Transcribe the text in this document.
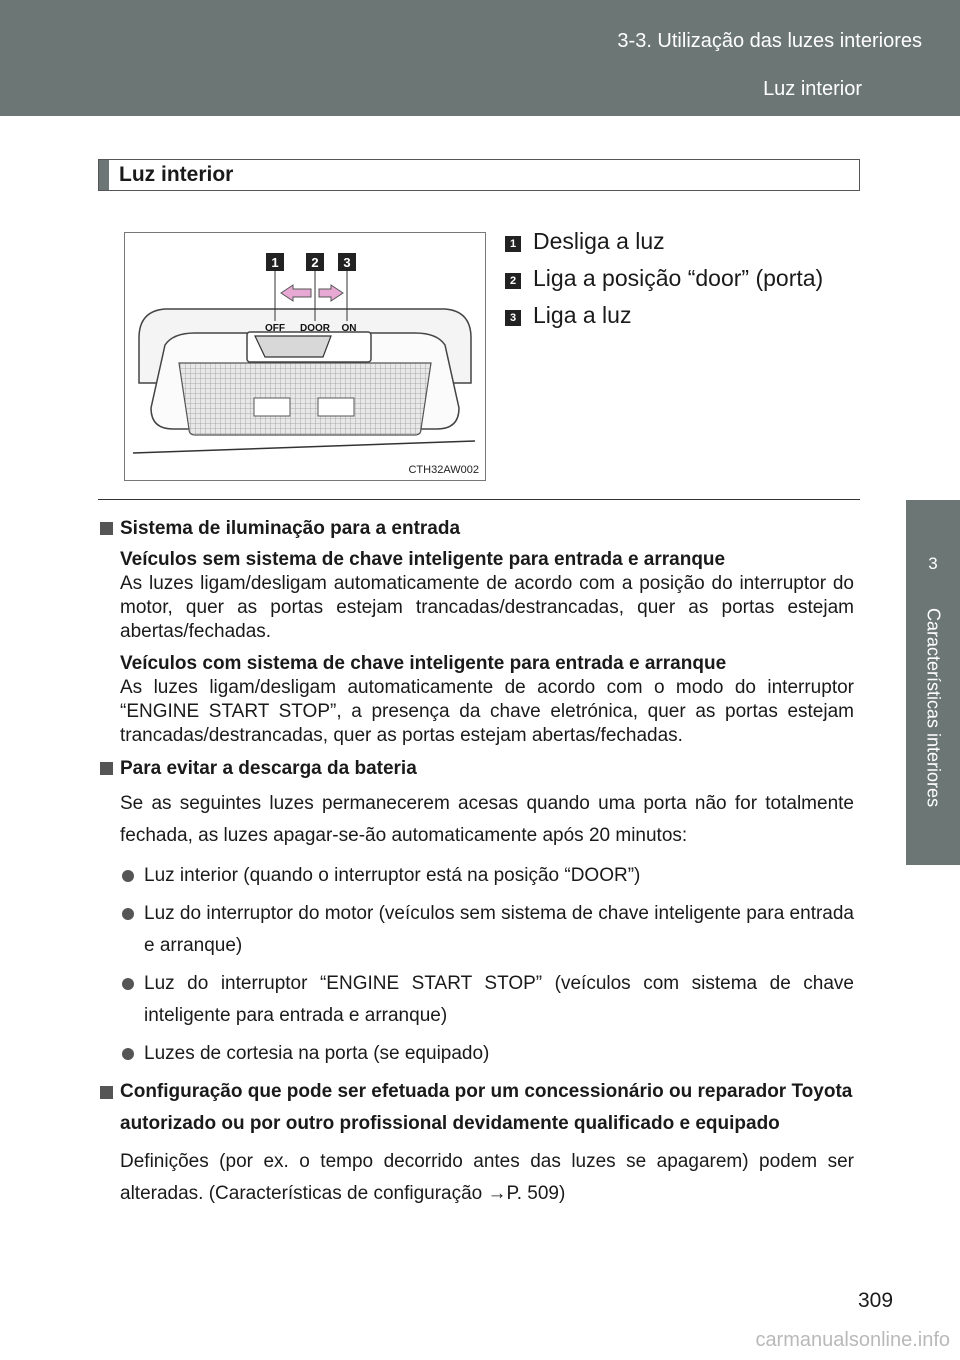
3-3. Utilização das luzes interiores
Luz interior
3
Características interiores
Luz interior
1	2 3
OFF DOOR ON
CTH32AW002
1 Desliga a luz
2 Liga a posição “door” (porta)
3 Liga a luz
Sistema de iluminação para a entrada
Veículos sem sistema de chave inteligente para entrada e arranque
As luzes ligam/desligam automaticamente de acordo com a posição do interruptor do motor, quer as portas estejam trancadas/destrancadas, quer as portas estejam abertas/fechadas.
Veículos com sistema de chave inteligente para entrada e arranque
As luzes ligam/desligam automaticamente de acordo com o modo do interruptor “ENGINE START STOP”, a presença da chave eletrónica, quer as portas estejam trancadas/destrancadas, quer as portas estejam abertas/fechadas.
Para evitar a descarga da bateria
Se as seguintes luzes permanecerem acesas quando uma porta não for totalmente fechada, as luzes apagar-se-ão automaticamente após 20 minutos:
Luz interior (quando o interruptor está na posição “DOOR”)
Luz do interruptor do motor (veículos sem sistema de chave inteligente para entrada e arranque)
Luz do interruptor “ENGINE START STOP” (veículos com sistema de chave inteligente para entrada e arranque)
Luzes de cortesia na porta (se equipado)
Configuração que pode ser efetuada por um concessionário ou reparador Toyota autorizado ou por outro profissional devidamente qualificado e equipado
Definições (por ex. o tempo decorrido antes das luzes se apagarem) podem ser alteradas. (Características de configuração →P. 509)
309
carmanualsonline.info
